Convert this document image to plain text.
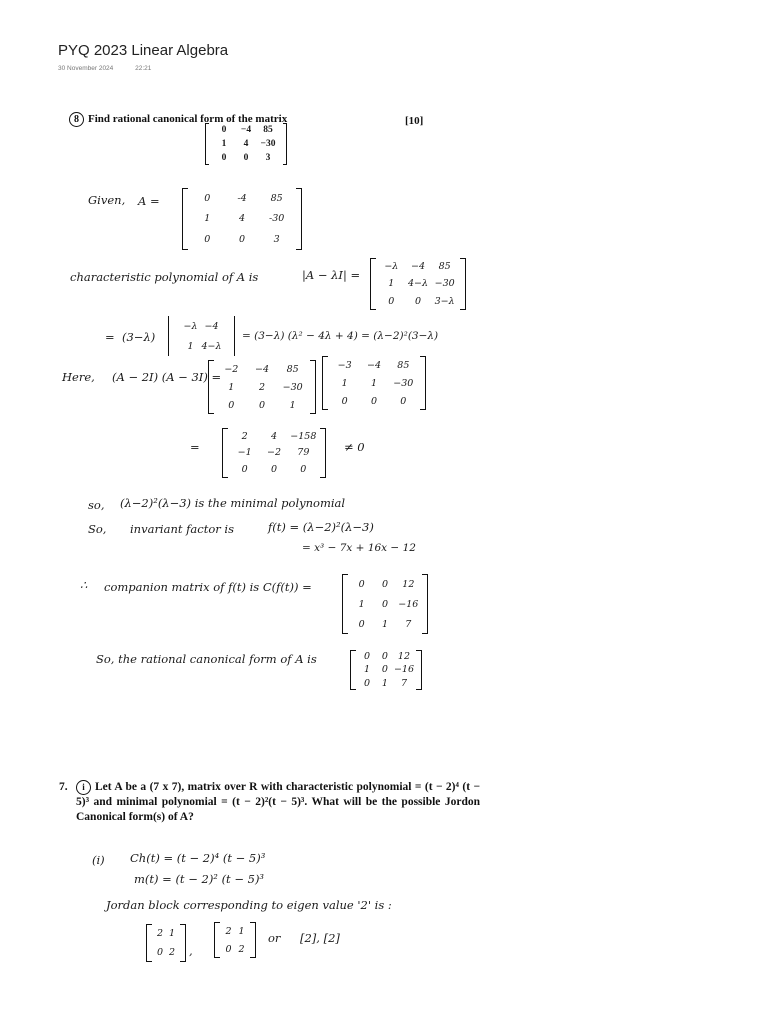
PYQ 2023 Linear Algebra
30 November 2024	22:21
8 Find rational canonical form of the matrix	[10]
0 −4 85
1 4 −30
0 0 3
Given, A =	0	-4	85
1	4	-30
0	0	3
characteristic polynomial of A is	|A − λI| =
−λ −4 85
1 4−λ −30
0 0 3−λ
= (3−λ)
−λ −4
1 4−λ
= (3−λ) (λ² − 4λ + 4) = (λ−2)²(3−λ)
Here, (A − 2I) (A − 3I) =
−2 −4 85
1	2 −30
0	0	1
−3 −4 85
1 1 −30
0 0 0
=
2 4 −158
−1 −2 79
0 0 0
≠ 0
so, (λ−2)²(λ−3) is the minimal polynomial
So, invariant factor is	f(t) = (λ−2)²(λ−3)
= x³ − 7x + 16x − 12
∴ companion matrix of f(t) is C(f(t)) =	0 0 12
1 0 −16
0 1 7
So, the rational canonical form of A is	0 0 12
1 0 −16
0 1 7
7.	i Let A be a (7 x 7), matrix over R with characteristic polynomial = (t − 2)⁴ (t − 5)³ and minimal polynomial = (t − 2)²(t − 5)³. What will be the possible Jordon Canonical form(s) of A?
(i) Ch(t) = (t − 2)⁴ (t − 5)³
m(t) = (t − 2)² (t − 5)³
Jordan block corresponding to eigen value '2' is :
2 1
0 2 ,
2 1
0 2
or [2], [2]
